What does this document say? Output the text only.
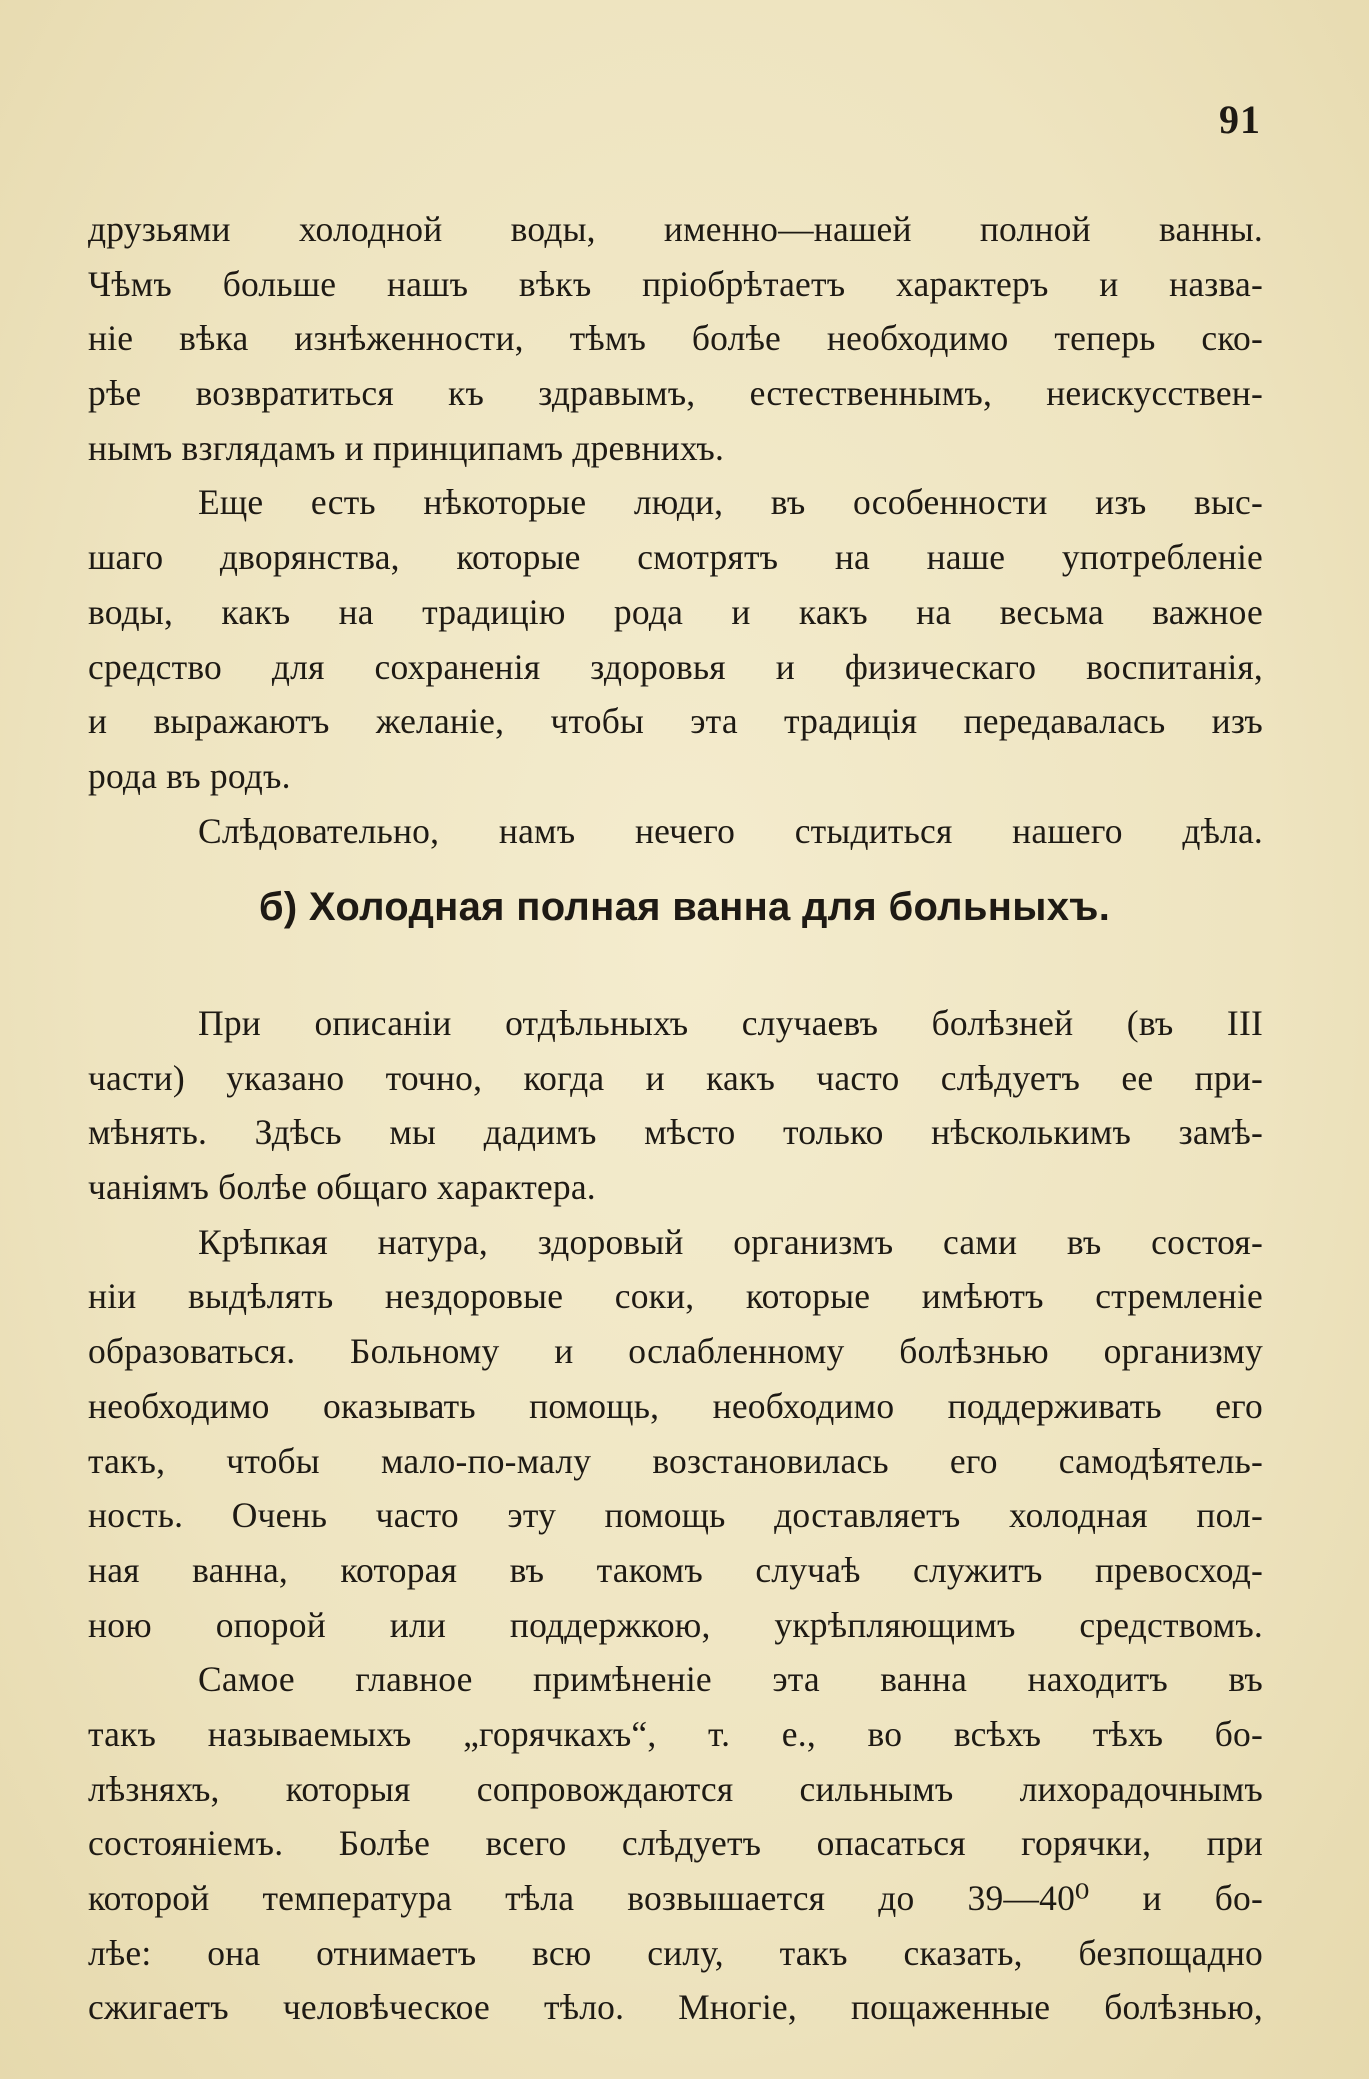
91
друзьями холодной воды, именно—нашей полной ванны.
Чѣмъ больше нашъ вѣкъ пріобрѣтаетъ характеръ и назва-
ніе вѣка изнѣженности, тѣмъ болѣе необходимо теперь ско-
рѣе возвратиться къ здравымъ, естественнымъ, неискусствен-
нымъ взглядамъ и принципамъ древнихъ.
Еще есть нѣкоторые люди, въ особенности изъ выс-
шаго дворянства, которые смотрятъ на наше употребленіе
воды, какъ на традицію рода и какъ на весьма важное
средство для сохраненія здоровья и физическаго воспитанія,
и выражаютъ желаніе, чтобы эта традиція передавалась изъ
рода въ родъ.
Слѣдовательно, намъ нечего стыдиться нашего дѣла.
б) Холодная полная ванна для больныхъ.
При описаніи отдѣльныхъ случаевъ болѣзней (въ III
части) указано точно, когда и какъ часто слѣдуетъ ее при-
мѣнять. Здѣсь мы дадимъ мѣсто только нѣсколькимъ замѣ-
чаніямъ болѣе общаго характера.
Крѣпкая натура, здоровый организмъ сами въ состоя-
ніи выдѣлять нездоровые соки, которые имѣютъ стремленіе
образоваться. Больному и ослабленному болѣзнью организму
необходимо оказывать помощь, необходимо поддерживать его
такъ, чтобы мало-по-малу возстановилась его самодѣятель-
ность. Очень часто эту помощь доставляетъ холодная пол-
ная ванна, которая въ такомъ случаѣ служитъ превосход-
ною опорой или поддержкою, укрѣпляющимъ средствомъ.
Самое главное примѣненіе эта ванна находитъ въ
такъ называемыхъ „горячкахъ“, т. е., во всѣхъ тѣхъ бо-
лѣзняхъ, которыя сопровождаются сильнымъ лихорадочнымъ
состояніемъ. Болѣе всего слѣдуетъ опасаться горячки, при
которой температура тѣла возвышается до 39—40⁰ и бо-
лѣе: она отнимаетъ всю силу, такъ сказать, безпощадно
сжигаетъ человѣческое тѣло. Многіе, пощаженные болѣзнью,
